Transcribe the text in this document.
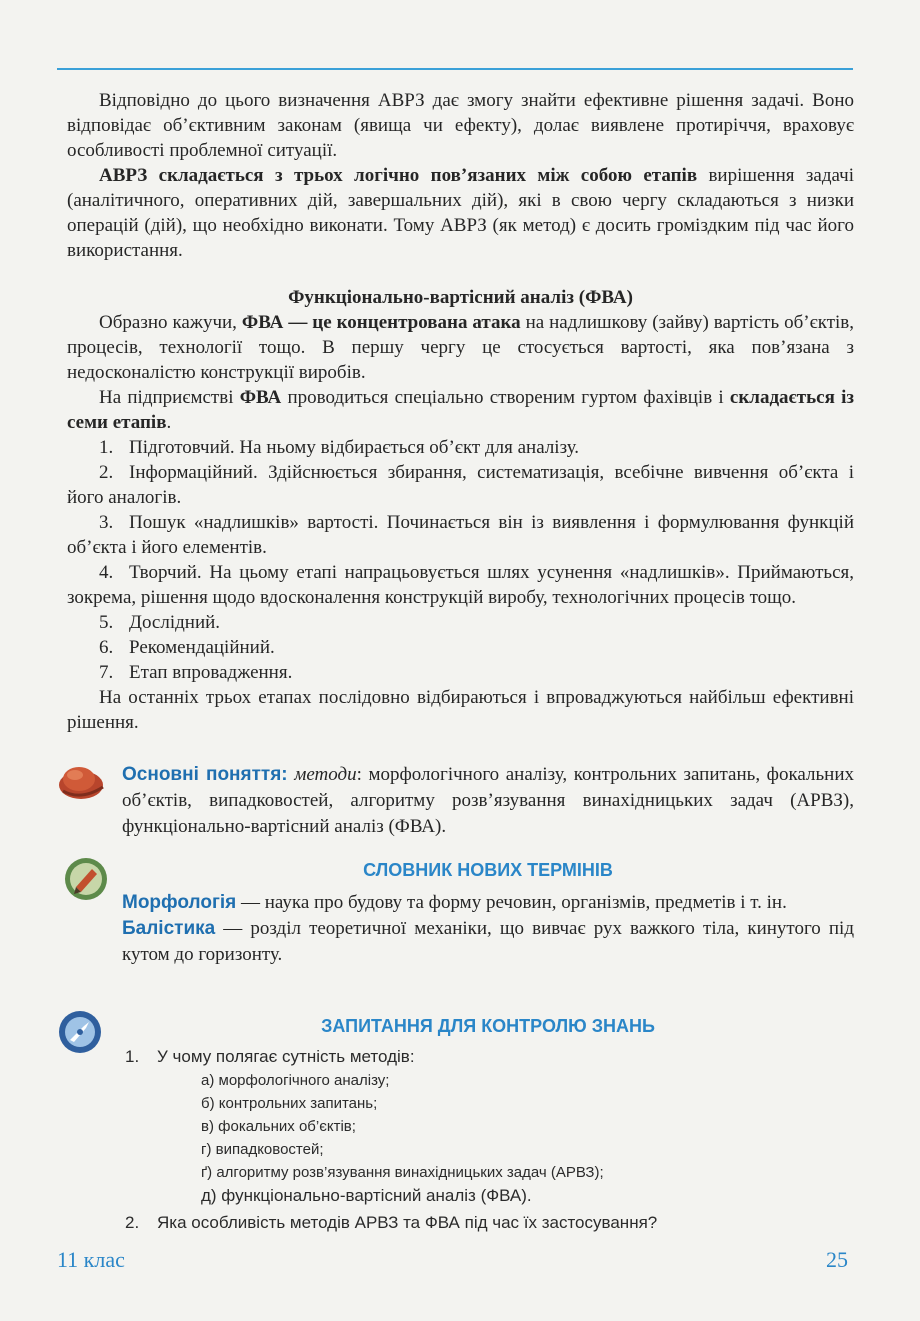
Відповідно до цього визначення АВРЗ дає змогу знайти ефективне рішення задачі. Воно відповідає об’єктивним законам (явища чи ефекту), долає виявлене протиріччя, враховує особливості проблемної ситуації.

АВРЗ складається з трьох логічно пов’язаних між собою етапів вирішення задачі (аналітичного, оперативних дій, завершальних дій), які в свою чергу складаються з низки операцій (дій), що необхідно виконати. Тому АВРЗ (як метод) є досить громіздким під час його використання.

Функціонально-вартісний аналіз (ФВА)

Образно кажучи, ФВА — це концентрована атака на надлишкову (зайву) вартість об’єктів, процесів, технології тощо. В першу чергу це стосується вартості, яка пов’язана з недосконалістю конструкції виробів.

На підприємстві ФВА проводиться спеціально створеним гуртом фахівців і складається із семи етапів.

1. Підготовчий. На ньому відбирається об’єкт для аналізу.
2. Інформаційний. Здійснюється збирання, систематизація, всебічне вивчення об’єкта і його аналогів.
3. Пошук «надлишків» вартості. Починається він із виявлення і формулювання функцій об’єкта і його елементів.
4. Творчий. На цьому етапі напрацьовується шлях усунення «надлишків». Приймаються, зокрема, рішення щодо вдосконалення конструкцій виробу, технологічних процесів тощо.
5. Дослідний.
6. Рекомендаційний.
7. Етап впровадження.

На останніх трьох етапах послідовно відбираються і впроваджуються найбільш ефективні рішення.

Основні поняття: методи: морфологічного аналізу, контрольних запитань, фокальних об’єктів, випадковостей, алгоритму розв’язування винахідницьких задач (АРВЗ), функціонально-вартісний аналіз (ФВА).
СЛОВНИК НОВИХ ТЕРМІНІВ
Морфологія — наука про будову та форму речовин, організмів, предметів і т. ін.
Балістика — розділ теоретичної механіки, що вивчає рух важкого тіла, кинутого під кутом до горизонту.
ЗАПИТАННЯ ДЛЯ КОНТРОЛЮ ЗНАНЬ
1. У чому полягає сутність методів:
а) морфологічного аналізу;
б) контрольних запитань;
в) фокальних об’єктів;
г) випадковостей;
ґ) алгоритму розв’язування винахідницьких задач (АРВЗ);
д) функціонально-вартісний аналіз (ФВА).
2. Яка особливість методів АРВЗ та ФВА під час їх застосування?
11 клас	25
